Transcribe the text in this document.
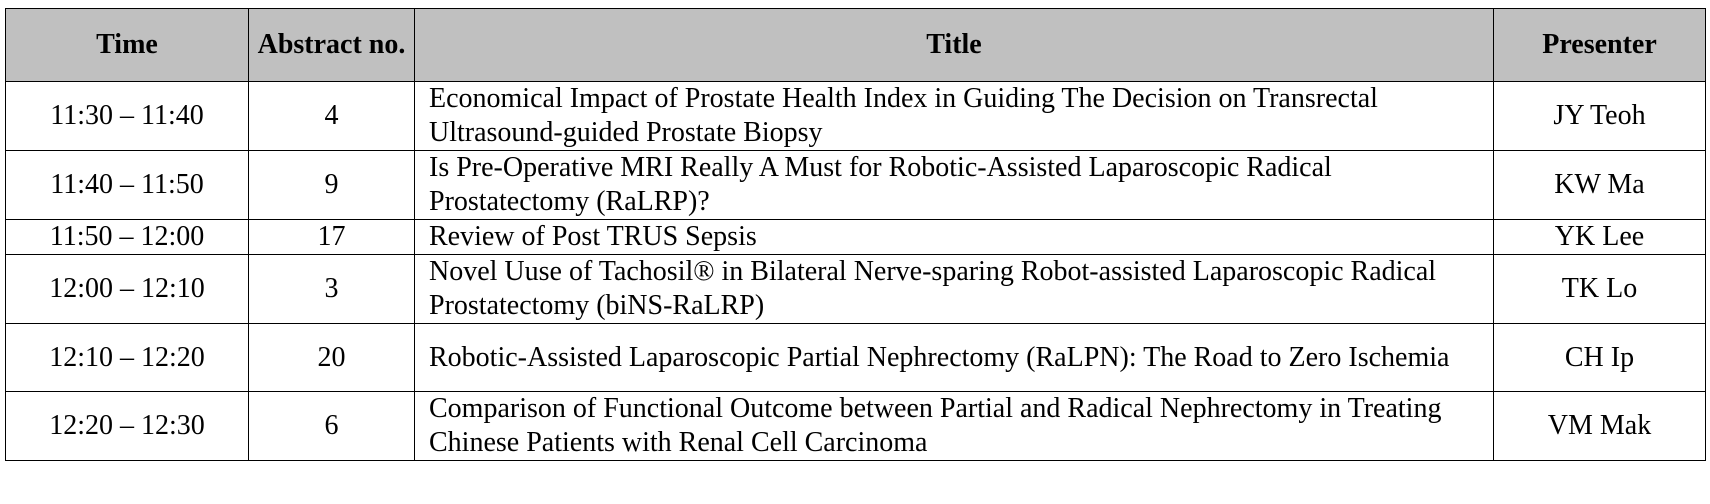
Time	Abstract no.	Title	Presenter
11:30 – 11:40	4	Economical Impact of Prostate Health Index in Guiding The Decision on Transrectal Ultrasound-guided Prostate Biopsy	JY Teoh
11:40 – 11:50	9	Is Pre-Operative MRI Really A Must for Robotic-Assisted Laparoscopic Radical Prostatectomy (RaLRP)?	KW Ma
11:50 – 12:00	17	Review of Post TRUS Sepsis	YK Lee
12:00 – 12:10	3	Novel Uuse of Tachosil® in Bilateral Nerve-sparing Robot-assisted Laparoscopic Radical Prostatectomy (biNS-RaLRP)	TK Lo
12:10 – 12:20	20	Robotic-Assisted Laparoscopic Partial Nephrectomy (RaLPN): The Road to Zero Ischemia	CH Ip
12:20 – 12:30	6	Comparison of Functional Outcome between Partial and Radical Nephrectomy in Treating Chinese Patients with Renal Cell Carcinoma	VM Mak
